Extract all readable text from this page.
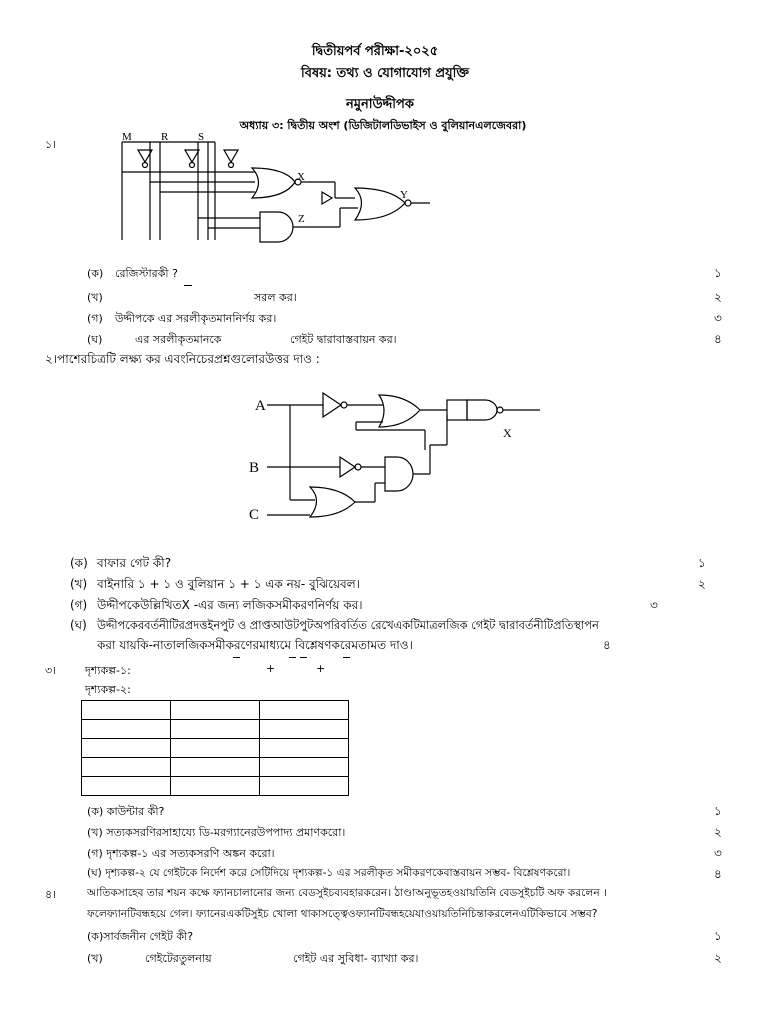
দ্বিতীয়পর্ব পরীক্ষা-২০২৫
বিষয়: তথ্য ও যোগাযোগ প্রযুক্তি
নমুনাউদ্দীপক
অধ্যায় ৩: দ্বিতীয় অংশ (ডিজিটালডিভাইস ও বুলিয়ানএলজেবরা)
১।
M	R	S
X
Y
Z
(ক) রেজিস্টারকী ?	১
(খ)	সরল কর।	২
(গ) উদ্দীপকে এর সরলীকৃতমাননির্ণয় কর।	৩
(ঘ)	এর সরলীকৃতমানকে	গেইট দ্বারাবাস্তবায়ন কর।	৪
২।পাশেরচিত্রটি লক্ষ্য কর এবংনিচেরপ্রশ্নগুলোরউত্তর দাও :
A
B
C
X
(ক) বাফার গেট কী?	১
(খ) বাইনারি ১ + ১ ও বুলিয়ান ১ + ১ এক নয়- বুঝিয়েবল।	২
(গ) উদ্দীপকেউল্লিখিতX -এর জন্য লজিকসমীকরণনির্ণয় কর।	৩
(ঘ) উদ্দীপকেরবর্তনীটিরপ্রদত্তইনপুট ও প্রাপ্তআউটপুটঅপরিবর্তিত রেখেএকটিমাত্রলজিক গেইট দ্বারাবর্তনীটিপ্রতিস্থাপন
করা যায়কি-নাতালজিকসমীকরণেরমাধ্যমে বিশ্লেষণকরেমতামত দাও।	৪
৩।	দৃশ্যকল্প-১:	+	+
দৃশ্যকল্প-২:

(ক) কাউন্টার কী?	১
(খ) সত্যকসরণিরসাহায্যে ডি-মরগ্যানেরউপপাদ্য প্রমাণকরো।	২
(গ) দৃশ্যকল্প-১ এর সত্যকসরণি অঙ্কন করো।	৩
(ঘ) দৃশ্যকল্প-২ যে গেইটকে নির্দেশ করে সেটিদিয়ে দৃশ্যকল্প-১ এর সরলীকৃত সমীকরণকেবাস্তবায়ন সম্ভব- বিশ্লেষণকরো।	৪
৪।	আতিকসাহেব তার শয়ন কক্ষে ফ্যানচালানোর জন্য বেডসুইচব্যবহারকরেন। ঠাণ্ডাঅনুভূতহওয়ায়তিনি বেডসুইচটি অফ করলেন ।
ফলেফ্যানটিবন্ধহয়ে গেল। ফ্যানেরএকটিসুইচ খোলা থাকাসত্ত্বেওফ্যানটিবন্ধহয়েযাওয়ায়তিনিচিন্তাকরলেনএটিকিভাবে সম্ভব?
(ক)সার্বজনীন গেইট কী?	১
(খ)	গেইটেরতুলনায়	গেইট এর সুবিধা- ব্যাখ্যা কর।	২
